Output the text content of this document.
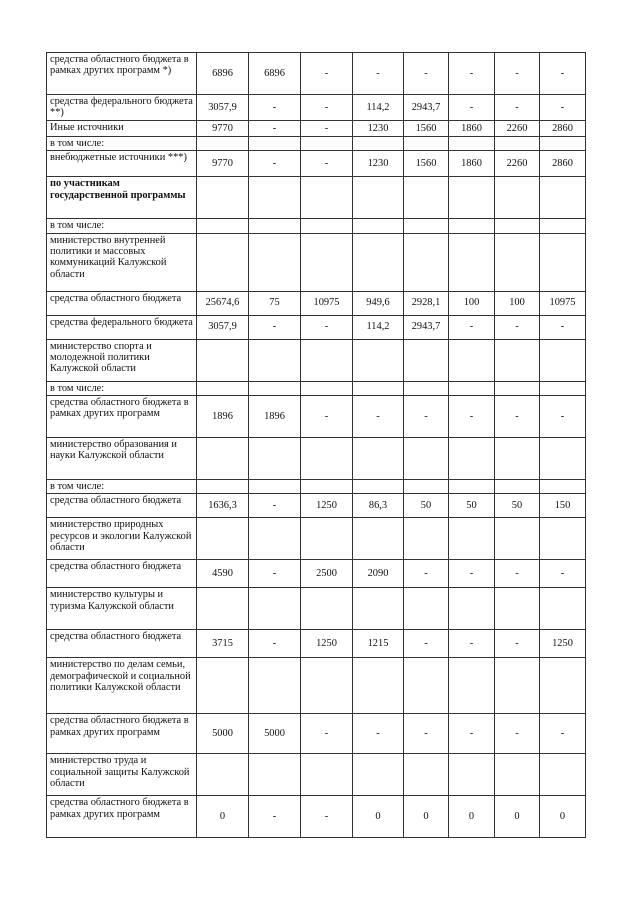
средства областного бюджета в рамках других программ *)	6896	6896	-	-	-	-	-	-
средства федерального бюджета **)	3057,9	-	-	114,2	2943,7	-	-	-
Иные источники	9770	-	-	1230	1560	1860	2260	2860
в том числе:								
внебюджетные источники ***)	9770	-	-	1230	1560	1860	2260	2860
по участникам государственной программы								
в том числе:								
министерство внутренней политики и массовых коммуникаций Калужской области								
средства областного бюджета	25674,6	75	10975	949,6	2928,1	100	100	10975
средства федерального бюджета	3057,9	-	-	114,2	2943,7	-	-	-
министерство спорта и молодежной политики Калужской области								
в том числе:								
средства областного бюджета в рамках других программ	1896	1896	-	-	-	-	-	-
министерство образования и науки Калужской области								
в том числе:								
средства областного бюджета	1636,3	-	1250	86,3	50	50	50	150
министерство природных ресурсов и экологии Калужской области								
средства областного бюджета	4590	-	2500	2090	-	-	-	-
министерство культуры и туризма Калужской области								
средства областного бюджета	3715	-	1250	1215	-	-	-	1250
министерство по делам семьи, демографической и социальной политики Калужской области								
средства областного бюджета в рамках других программ	5000	5000	-	-	-	-	-	-
министерство труда и социальной защиты Калужской области								
средства областного бюджета в рамках других программ	0	-	-	0	0	0	0	0
